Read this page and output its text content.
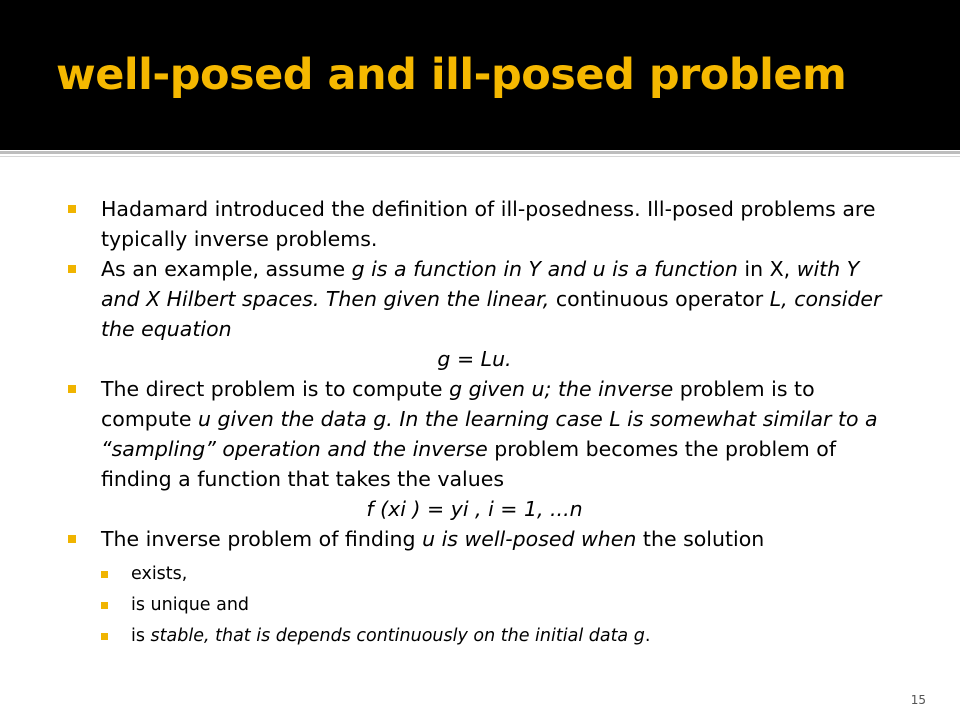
well-posed and ill-posed problem
Hadamard introduced the definition of ill-posedness. Ill-posed problems are typically inverse problems.
As an example, assume g is a function in Y and u is a function in X, with Y and X Hilbert spaces. Then given the linear, continuous operator L, consider the equation
g = Lu.
The direct problem is to compute g given u; the inverse problem is to compute u given the data g. In the learning case L is somewhat similar to a “sampling” operation and the inverse problem becomes the problem of finding a function that takes the values
f (xi ) = yi , i = 1, ...n
The inverse problem of finding u is well-posed when the solution
exists,
is unique and
is stable, that is depends continuously on the initial data g.
15
